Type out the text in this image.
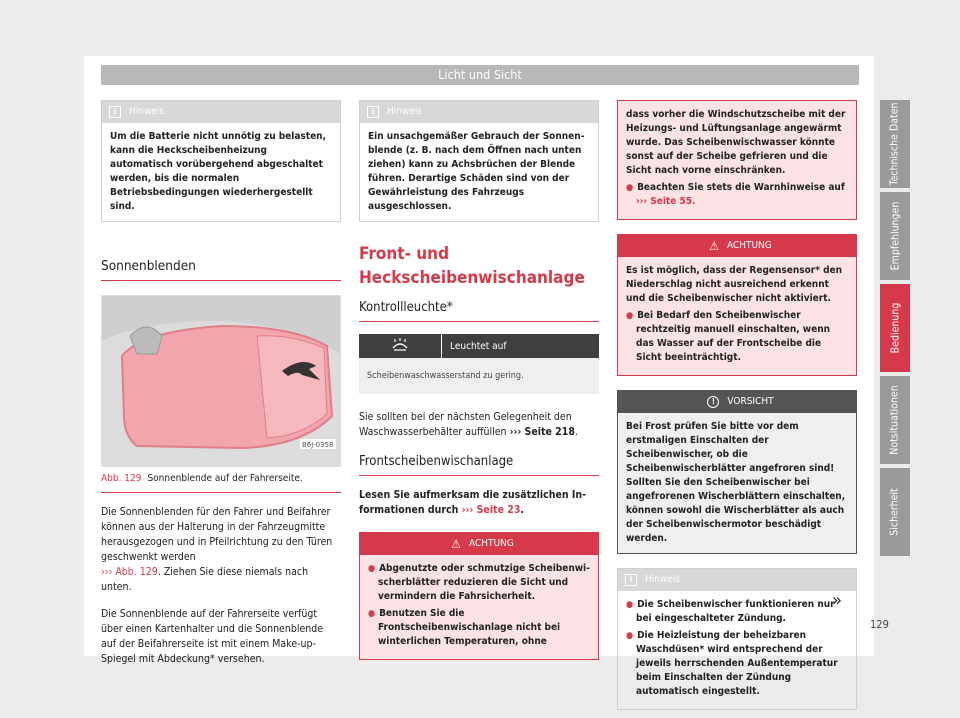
Licht und Sicht
i	Hinweis
Um die Batterie nicht unnötig zu belasten, kann die Heckscheibenheizung automatisch vorübergehend abgeschaltet werden, bis die normalen Betriebsbedingungen wiederhergestellt sind.
Sonnenblenden
B6J-0358
Abb. 129 Sonnenblende auf der Fahrerseite.

Die Sonnenblenden für den Fahrer und Beifahrer können aus der Halterung in der Fahrzeugmitte herausgezogen und in Pfeilrichtung zu den Türen geschwenkt werden
››› Abb. 129. Ziehen Sie diese niemals nach unten.

Die Sonnenblende auf der Fahrerseite verfügt über einen Kartenhalter und die Sonnenblende auf der Beifahrerseite ist mit einem Make-up-Spiegel mit Abdeckung* versehen.

i	Hinweis
Ein unsachgemäßer Gebrauch der Sonnenblende (z. B. nach dem Öffnen nach unten ziehen) kann zu Achsbrüchen der Blende führen. Derartige Schäden sind von der Gewährleistung des Fahrzeugs ausgeschlossen.
Front- und Heckscheibenwischanlage
Kontrollleuchte*
	Leuchtet auf
Scheibenwaschwasserstand zu gering.

Sie sollten bei der nächsten Gelegenheit den Waschwasserbehälter auffüllen ››› Seite 218.

Frontscheibenwischanlage

Lesen Sie aufmerksam die zusätzlichen Informationen durch ››› Seite 23.

⚠ ACHTUNG
● Abgenutzte oder schmutzige Scheibenwischerblätter reduzieren die Sicht und vermindern die Fahrsicherheit.
● Benutzen Sie die Frontscheibenwischanlage nicht bei winterlichen Temperaturen, ohne
dass vorher die Windschutzscheibe mit der Heizungs- und Lüftungsanlage angewärmt wurde. Das Scheibenwischwasser könnte sonst auf der Scheibe gefrieren und die Sicht nach vorne einschränken.
● Beachten Sie stets die Warnhinweise auf
››› Seite 55.
⚠ ACHTUNG
Es ist möglich, dass der Regensensor* den Niederschlag nicht ausreichend erkennt und die Scheibenwischer nicht aktiviert.
● Bei Bedarf den Scheibenwischer rechtzeitig manuell einschalten, wenn das Wasser auf der Frontscheibe die Sicht beeinträchtigt.
!	VORSICHT
Bei Frost prüfen Sie bitte vor dem erstmaligen Einschalten der Scheibenwischer, ob die Scheibenwischerblätter angefroren sind! Sollten Sie den Scheibenwischer bei angefrorenen Wischerblättern einschalten, können sowohl die Wischerblätter als auch der Scheibenwischermotor beschädigt werden.
i	Hinweis
● Die Scheibenwischer funktionieren nur bei eingeschalteter Zündung.
● Die Heizleistung der beheizbaren Waschdüsen* wird entsprechend der jeweils herrschenden Außentemperatur beim Einschalten der Zündung automatisch eingestellt.
»
Technische Daten
Empfehlungen
Bedienung
Notsituationen
Sicherheit
129
